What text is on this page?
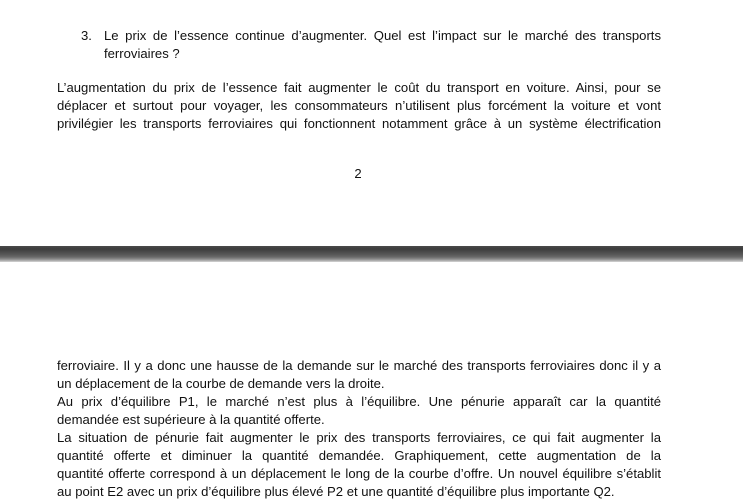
3. Le prix de l’essence continue d’augmenter. Quel est l’impact sur le marché des transports
ferroviaires ?
L’augmentation du prix de l’essence fait augmenter le coût du transport en voiture. Ainsi, pour se
déplacer et surtout pour voyager, les consommateurs n’utilisent plus forcément la voiture et vont
privilégier les transports ferroviaires qui fonctionnent notamment grâce à un système électrification
2
ferroviaire. Il y a donc une hausse de la demande sur le marché des transports ferroviaires donc il y a
un déplacement de la courbe de demande vers la droite.
Au prix d’équilibre P1, le marché n’est plus à l’équilibre. Une pénurie apparaît car la quantité
demandée est supérieure à la quantité offerte.
La situation de pénurie fait augmenter le prix des transports ferroviaires, ce qui fait augmenter la
quantité offerte et diminuer la quantité demandée. Graphiquement, cette augmentation de la
quantité offerte correspond à un déplacement le long de la courbe d’offre. Un nouvel équilibre s’établit
au point E2 avec un prix d’équilibre plus élevé P2 et une quantité d’équilibre plus importante Q2.
